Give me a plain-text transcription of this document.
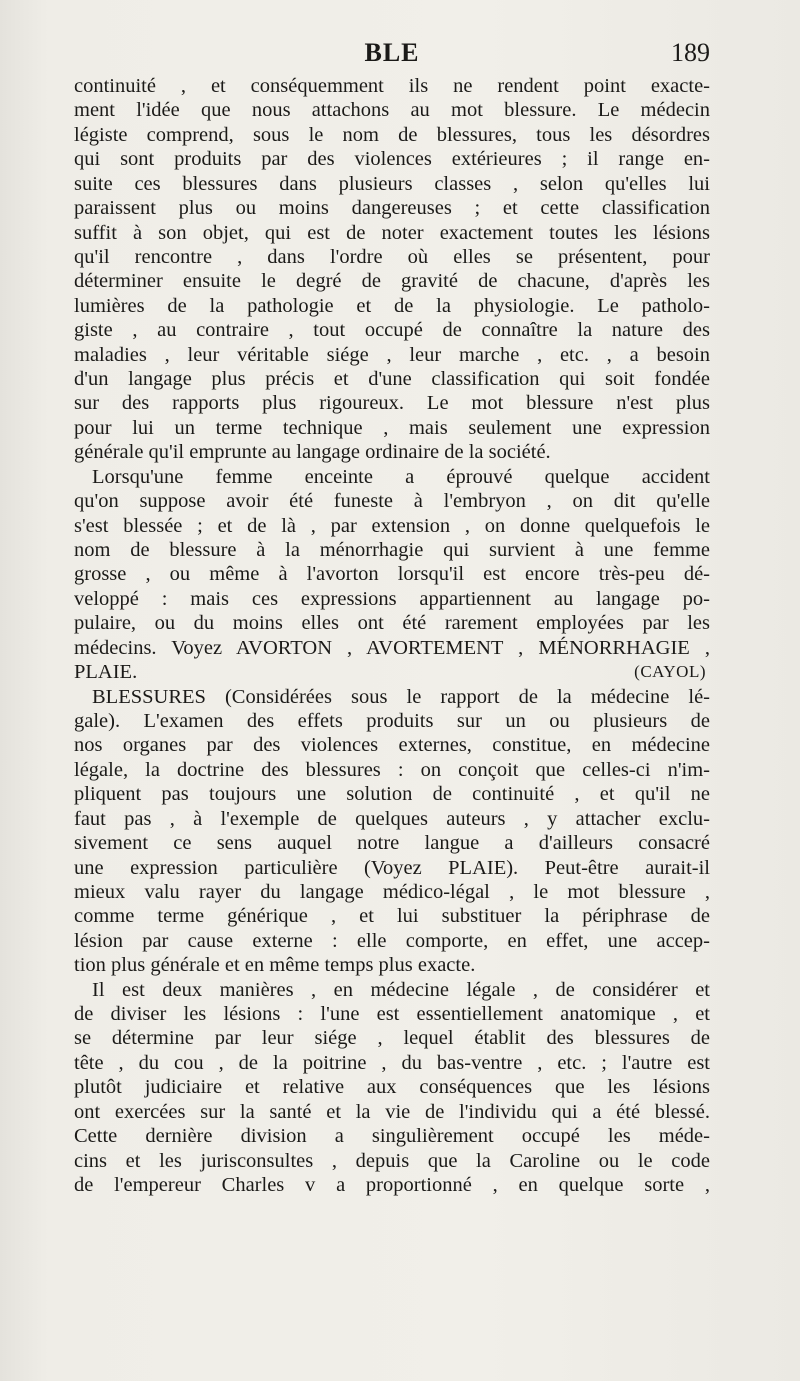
BLE	189
continuité , et conséquemment ils ne rendent point exacte-
ment l'idée que nous attachons au mot blessure. Le médecin
légiste comprend, sous le nom de blessures, tous les désordres
qui sont produits par des violences extérieures ; il range en-
suite ces blessures dans plusieurs classes , selon qu'elles lui
paraissent plus ou moins dangereuses ; et cette classification
suffit à son objet, qui est de noter exactement toutes les lésions
qu'il rencontre , dans l'ordre où elles se présentent, pour
déterminer ensuite le degré de gravité de chacune, d'après les
lumières de la pathologie et de la physiologie. Le patholo-
giste , au contraire , tout occupé de connaître la nature des
maladies , leur véritable siége , leur marche , etc. , a besoin
d'un langage plus précis et d'une classification qui soit fondée
sur des rapports plus rigoureux. Le mot blessure n'est plus
pour lui un terme technique , mais seulement une expression
générale qu'il emprunte au langage ordinaire de la société.
Lorsqu'une femme enceinte a éprouvé quelque accident
qu'on suppose avoir été funeste à l'embryon , on dit qu'elle
s'est blessée ; et de là , par extension , on donne quelquefois le
nom de blessure à la ménorrhagie qui survient à une femme
grosse , ou même à l'avorton lorsqu'il est encore très-peu dé-
veloppé : mais ces expressions appartiennent au langage po-
pulaire, ou du moins elles ont été rarement employées par les
médecins. Voyez AVORTON , AVORTEMENT , MÉNORRHAGIE ,
PLAIE.	(CAYOL)
BLESSURES (Considérées sous le rapport de la médecine lé-
gale). L'examen des effets produits sur un ou plusieurs de
nos organes par des violences externes, constitue, en médecine
légale, la doctrine des blessures : on conçoit que celles-ci n'im-
pliquent pas toujours une solution de continuité , et qu'il ne
faut pas , à l'exemple de quelques auteurs , y attacher exclu-
sivement ce sens auquel notre langue a d'ailleurs consacré
une expression particulière (Voyez PLAIE). Peut-être aurait-il
mieux valu rayer du langage médico-légal , le mot blessure ,
comme terme générique , et lui substituer la périphrase de
lésion par cause externe : elle comporte, en effet, une accep-
tion plus générale et en même temps plus exacte.
Il est deux manières , en médecine légale , de considérer et
de diviser les lésions : l'une est essentiellement anatomique , et
se détermine par leur siége , lequel établit des blessures de
tête , du cou , de la poitrine , du bas-ventre , etc. ; l'autre est
plutôt judiciaire et relative aux conséquences que les lésions
ont exercées sur la santé et la vie de l'individu qui a été blessé.
Cette dernière division a singulièrement occupé les méde-
cins et les jurisconsultes , depuis que la Caroline ou le code
de l'empereur Charles v a proportionné , en quelque sorte ,
